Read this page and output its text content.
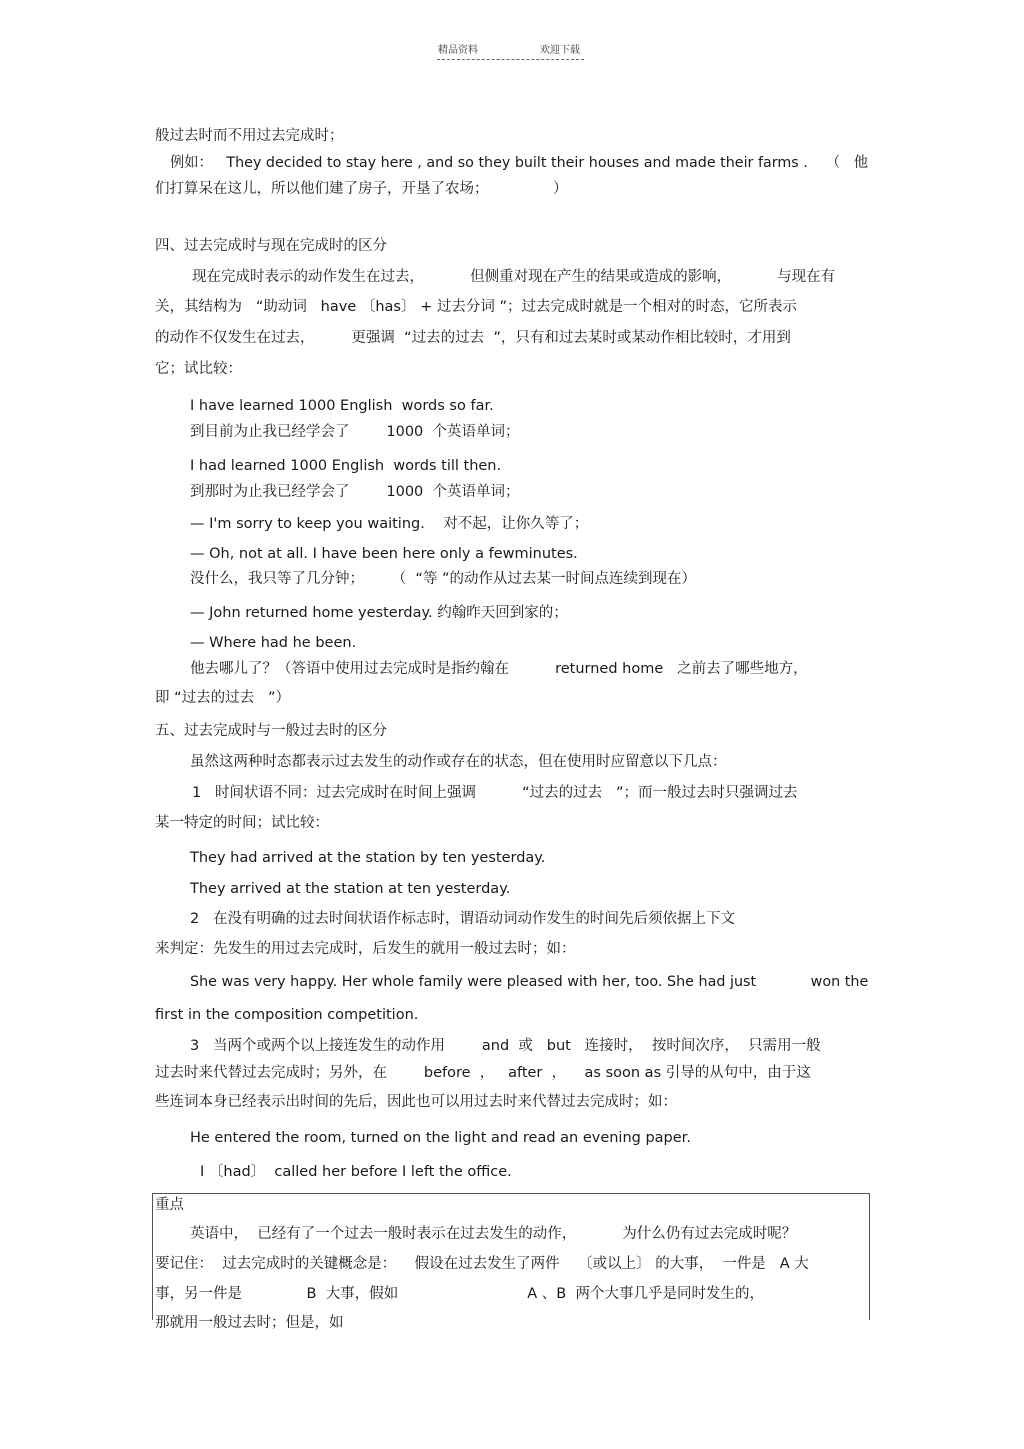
精品资料	欢迎下载
般过去时而不用过去完成时；
例如：   They decided to stay here , and so they built their houses and made their farms .    （   他
们打算呆在这儿，所以他们建了房子，开垦了农场；              ）
四、过去完成时与现在完成时的区分
现在完成时表示的动作发生在过去，          但侧重对现在产生的结果或造成的影响，          与现在有
关，其结构为   “助动词   have 〔has〕 + 过去分词 ”；过去完成时就是一个相对的时态，它所表示
的动作不仅发生在过去，        更强调  “过去的过去  ”，只有和过去某时或某动作相比较时，才用到
它；试比较：
I have learned 1000 English  words so far.
到目前为止我已经学会了        1000  个英语单词；
I had learned 1000 English  words till then.
到那时为止我已经学会了        1000  个英语单词；
— I'm sorry to keep you waiting.    对不起，让你久等了；
— Oh, not at all. I have been here only a fewminutes.
没什么，我只等了几分钟；      （  “等 ”的动作从过去某一时间点连续到现在）
— John returned home yesterday. 约翰昨天回到家的；
— Where had he been.
他去哪儿了？（答语中使用过去完成时是指约翰在          returned home   之前去了哪些地方，
即 “过去的过去   ”）
五、过去完成时与一般过去时的区分
虽然这两种时态都表示过去发生的动作或存在的状态，但在使用时应留意以下几点：
1   时间状语不同：过去完成时在时间上强调          “过去的过去   ”；而一般过去时只强调过去
某一特定的时间；试比较：
They had arrived at the station by ten yesterday.
They arrived at the station at ten yesterday.
2   在没有明确的过去时间状语作标志时，谓语动词动作发生的时间先后须依据上下文
来判定：先发生的用过去完成时，后发生的就用一般过去时；如：
She was very happy. Her whole family were pleased with her, too. She had just            won the
first in the composition competition.
3   当两个或两个以上接连发生的动作用        and  或   but   连接时，  按时间次序，  只需用一般
过去时来代替过去完成时；另外，在        before  ，   after  ，    as soon as 引导的从句中，由于这
些连词本身已经表示出时间的先后，因此也可以用过去时来代替过去完成时；如：
He entered the room, turned on the light and read an evening paper.
I 〔had〕  called her before I left the office.
重点
英语中，  已经有了一个过去一般时表示在过去发生的动作，          为什么仍有过去完成时呢？
要记住：  过去完成时的关键概念是：    假设在过去发生了两件    〔或以上〕 的大事，  一件是   A 大
事，另一件是              B  大事，假如                            A 、B  两个大事几乎是同时发生的，
那就用一般过去时；但是，如
